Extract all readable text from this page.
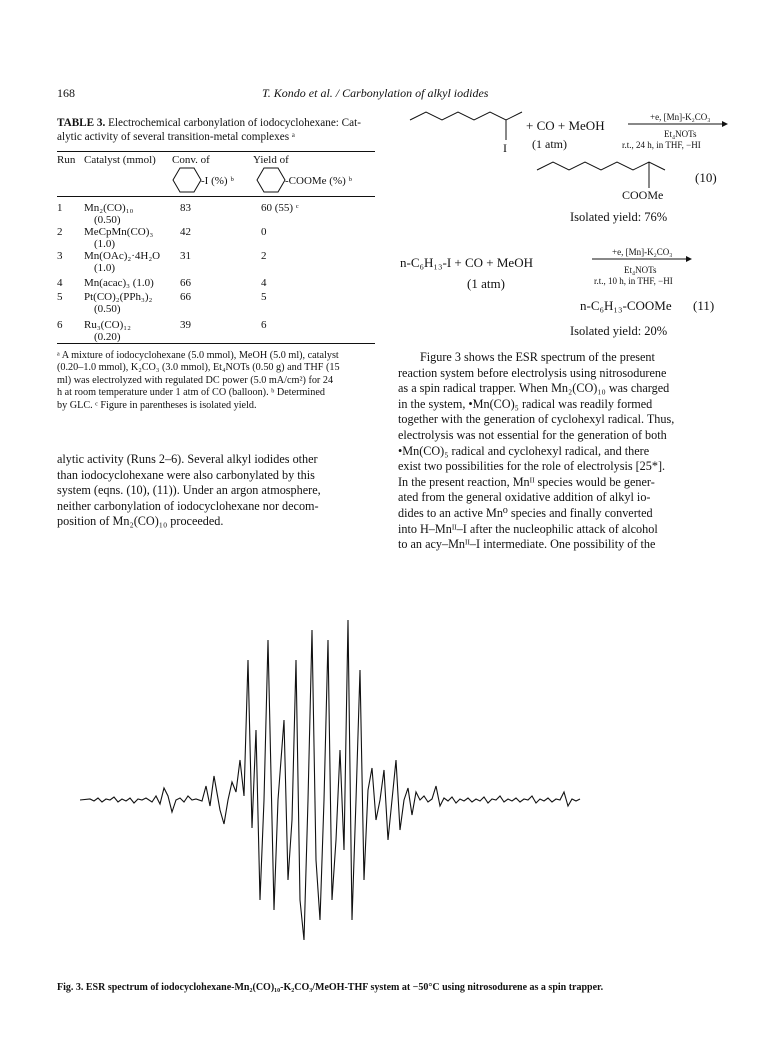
168	T. Kondo et al. / Carbonylation of alkyl iodides
TABLE 3. Electrochemical carbonylation of iodocyclohexane: Cat-
alytic activity of several transition-metal complexes ᵃ
Run Catalyst (mmol) Conv. of	Yield of
-I (%) ᵇ	-COOMe (%) ᵇ
1 Mn₂(CO)₁₀	83	60 (55) ᶜ
(0.50)
2 MeCpMn(CO)₃ 42	0
(1.0)
3 Mn(OAc)₂·4H₂O 31	2
(1.0)
4 Mn(acac)₃ (1.0) 66	4
5 Pt(CO)₂(PPh₃)₂	66	5
(0.50)
6 Ru₃(CO)₁₂	39	6
(0.20)
ᵃ A mixture of iodocyclohexane (5.0 mmol), MeOH (5.0 ml), catalyst
(0.20–1.0 mmol), K₂CO₃ (3.0 mmol), Et₄NOTs (0.50 g) and THF (15
ml) was electrolyzed with regulated DC power (5.0 mA/cm²) for 24
h at room temperature under 1 atm of CO (balloon). ᵇ Determined
by GLC. ᶜ Figure in parentheses is isolated yield.
alytic activity (Runs 2–6). Several alkyl iodides other
than iodocyclohexane were also carbonylated by this
system (eqns. (10), (11)). Under an argon atmosphere,
neither carbonylation of iodocyclohexane nor decom-
position of Mn₂(CO)₁₀ proceeded.
I
+ CO + MeOH
(1 atm)
+e, [Mn]-K₂CO₃
Et₄NOTs
r.t., 24 h, in THF, −HI
COOMe
(10)
Isolated yield: 76%
n-C₆H₁₃-I + CO + MeOH
(1 atm)
+e, [Mn]-K₂CO₃
Et₄NOTs
r.t., 10 h, in THF, −HI
n-C₆H₁₃-COOMe (11)
Isolated yield: 20%
Figure 3 shows the ESR spectrum of the present
reaction system before electrolysis using nitrosodurene
as a spin radical trapper. When Mn₂(CO)₁₀ was charged
in the system, •Mn(CO)₅ radical was readily formed
together with the generation of cyclohexyl radical. Thus,
electrolysis was not essential for the generation of both
•Mn(CO)₅ radical and cyclohexyl radical, and there
exist two possibilities for the role of electrolysis [25*].
In the present reaction, Mnᴵᴵ species would be gener-
ated from the general oxidative addition of alkyl io-
dides to an active Mn⁰ species and finally converted
into H–Mnᴵᴵ–I after the nucleophilic attack of alcohol
to an acy–Mnᴵᴵ–I intermediate. One possibility of the
Fig. 3. ESR spectrum of iodocyclohexane-Mn₂(CO)₁₀-K₂CO₃/MeOH-THF system at −50°C using nitrosodurene as a spin trapper.
